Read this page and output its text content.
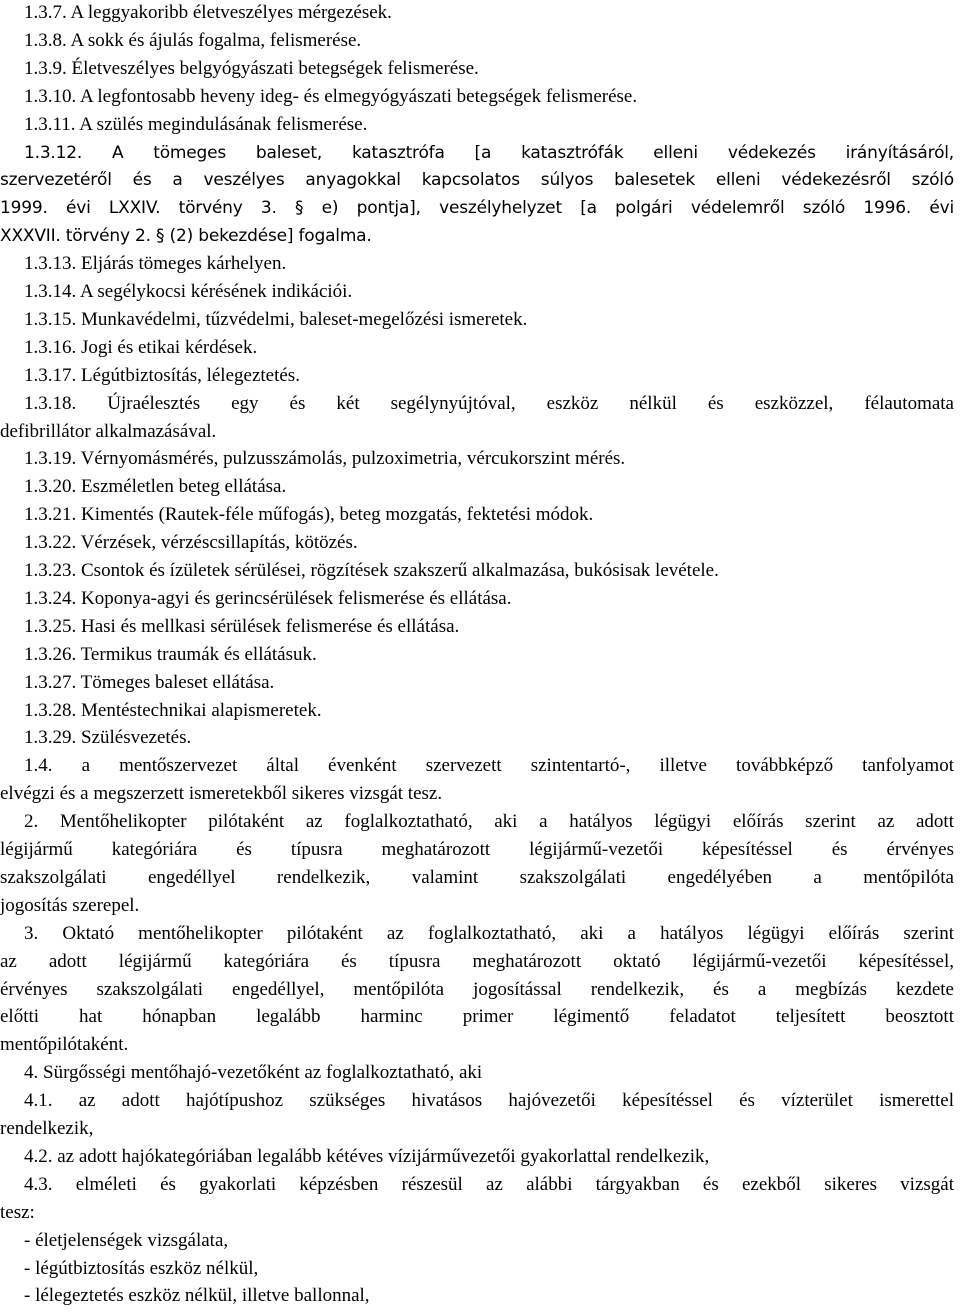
1.3.7. A leggyakoribb életveszélyes mérgezések.
1.3.8. A sokk és ájulás fogalma, felismerése.
1.3.9. Életveszélyes belgyógyászati betegségek felismerése.
1.3.10. A legfontosabb heveny ideg- és elmegyógyászati betegségek felismerése.
1.3.11. A szülés megindulásának felismerése.
1.3.12. A tömeges baleset, katasztrófa [a katasztrófák elleni védekezés irányításáról,
szervezetéről és a veszélyes anyagokkal kapcsolatos súlyos balesetek elleni védekezésről szóló
1999. évi LXXIV. törvény 3. § e) pontja], veszélyhelyzet [a polgári védelemről szóló 1996. évi
XXXVII. törvény 2. § (2) bekezdése] fogalma.
1.3.13. Eljárás tömeges kárhelyen.
1.3.14. A segélykocsi kérésének indikációi.
1.3.15. Munkavédelmi, tűzvédelmi, baleset-megelőzési ismeretek.
1.3.16. Jogi és etikai kérdések.
1.3.17. Légútbiztosítás, lélegeztetés.
1.3.18. Újraélesztés egy és két segélynyújtóval, eszköz nélkül és eszközzel, félautomata
defibrillátor alkalmazásával.
1.3.19. Vérnyomásmérés, pulzusszámolás, pulzoximetria, vércukorszint mérés.
1.3.20. Eszméletlen beteg ellátása.
1.3.21. Kimentés (Rautek-féle műfogás), beteg mozgatás, fektetési módok.
1.3.22. Vérzések, vérzéscsillapítás, kötözés.
1.3.23. Csontok és ízületek sérülései, rögzítések szakszerű alkalmazása, bukósisak levétele.
1.3.24. Koponya-agyi és gerincsérülések felismerése és ellátása.
1.3.25. Hasi és mellkasi sérülések felismerése és ellátása.
1.3.26. Termikus traumák és ellátásuk.
1.3.27. Tömeges baleset ellátása.
1.3.28. Mentéstechnikai alapismeretek.
1.3.29. Szülésvezetés.
1.4. a mentőszervezet által évenként szervezett szintentartó-, illetve továbbképző tanfolyamot
elvégzi és a megszerzett ismeretekből sikeres vizsgát tesz.
2. Mentőhelikopter pilótaként az foglalkoztatható, aki a hatályos légügyi előírás szerint az adott
légijármű kategóriára és típusra meghatározott légijármű-vezetői képesítéssel és érvényes
szakszolgálati engedéllyel rendelkezik, valamint szakszolgálati engedélyében a mentőpilóta
jogosítás szerepel.
3. Oktató mentőhelikopter pilótaként az foglalkoztatható, aki a hatályos légügyi előírás szerint
az adott légijármű kategóriára és típusra meghatározott oktató légijármű-vezetői képesítéssel,
érvényes szakszolgálati engedéllyel, mentőpilóta jogosítással rendelkezik, és a megbízás kezdete
előtti hat hónapban legalább harminc primer légimentő feladatot teljesített beosztott
mentőpilótaként.
4. Sürgősségi mentőhajó-vezetőként az foglalkoztatható, aki
4.1. az adott hajótípushoz szükséges hivatásos hajóvezetői képesítéssel és vízterület ismerettel
rendelkezik,
4.2. az adott hajókategóriában legalább kétéves vízijárművezetői gyakorlattal rendelkezik,
4.3. elméleti és gyakorlati képzésben részesül az alábbi tárgyakban és ezekből sikeres vizsgát
tesz:
- életjelenségek vizsgálata,
- légútbiztosítás eszköz nélkül,
- lélegeztetés eszköz nélkül, illetve ballonnal,
